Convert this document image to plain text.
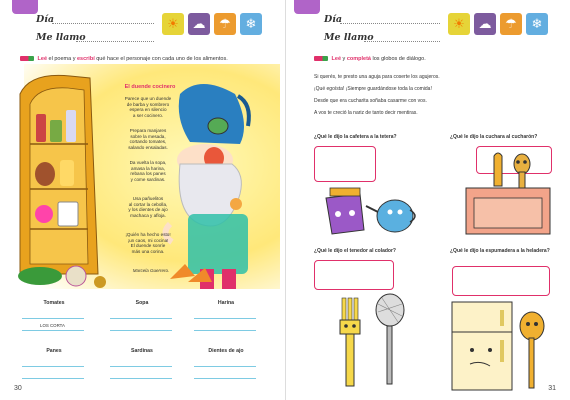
Día
Me llamo
☀	☁	☂	❄
Leé el poema y escribí qué hace el personaje con cada uno de los alimentos.
El duende cocinero
Parece que un duende
de barba y sombrero
espera en silencio
a ser cocinero.
Prepara manjares
sobre la mesada,
cortando tomates,
salando ensaladas.
Da vuelta la sopa,
amasa la harina,
rebana los panes
y come sardinas.
Usa pañuelitos
al cortar la cebolla,
y los dientes de ajo
machaca y afloja.
¡Quién ha hecho esto!
¡un caos, mi cocina!
El duende sonríe
más una corina.
Marcela Guerrero.
Tomates	Sopa	Harina
LOS CORTA
Panes	Sardinas	Dientes de ajo
30
Día
Me llamo
☀	☁	☂	❄
Leé y completá los globos de diálogo.
Si querés, te presto una aguja para coserte los agujeros.
¡Qué egoísta! ¡Siempre guardándose toda la comida!
Desde que era cucharita soñaba casarme con vos.
A vos te creció la nariz de tanto decir mentiras.
¿Qué le dijo la cafetera a la tetera?	¿Qué le dijo la cuchara al cucharón?
¿Qué le dijo el tenedor al colador?	¿Qué le dijo la espumadera a la heladera?
31
